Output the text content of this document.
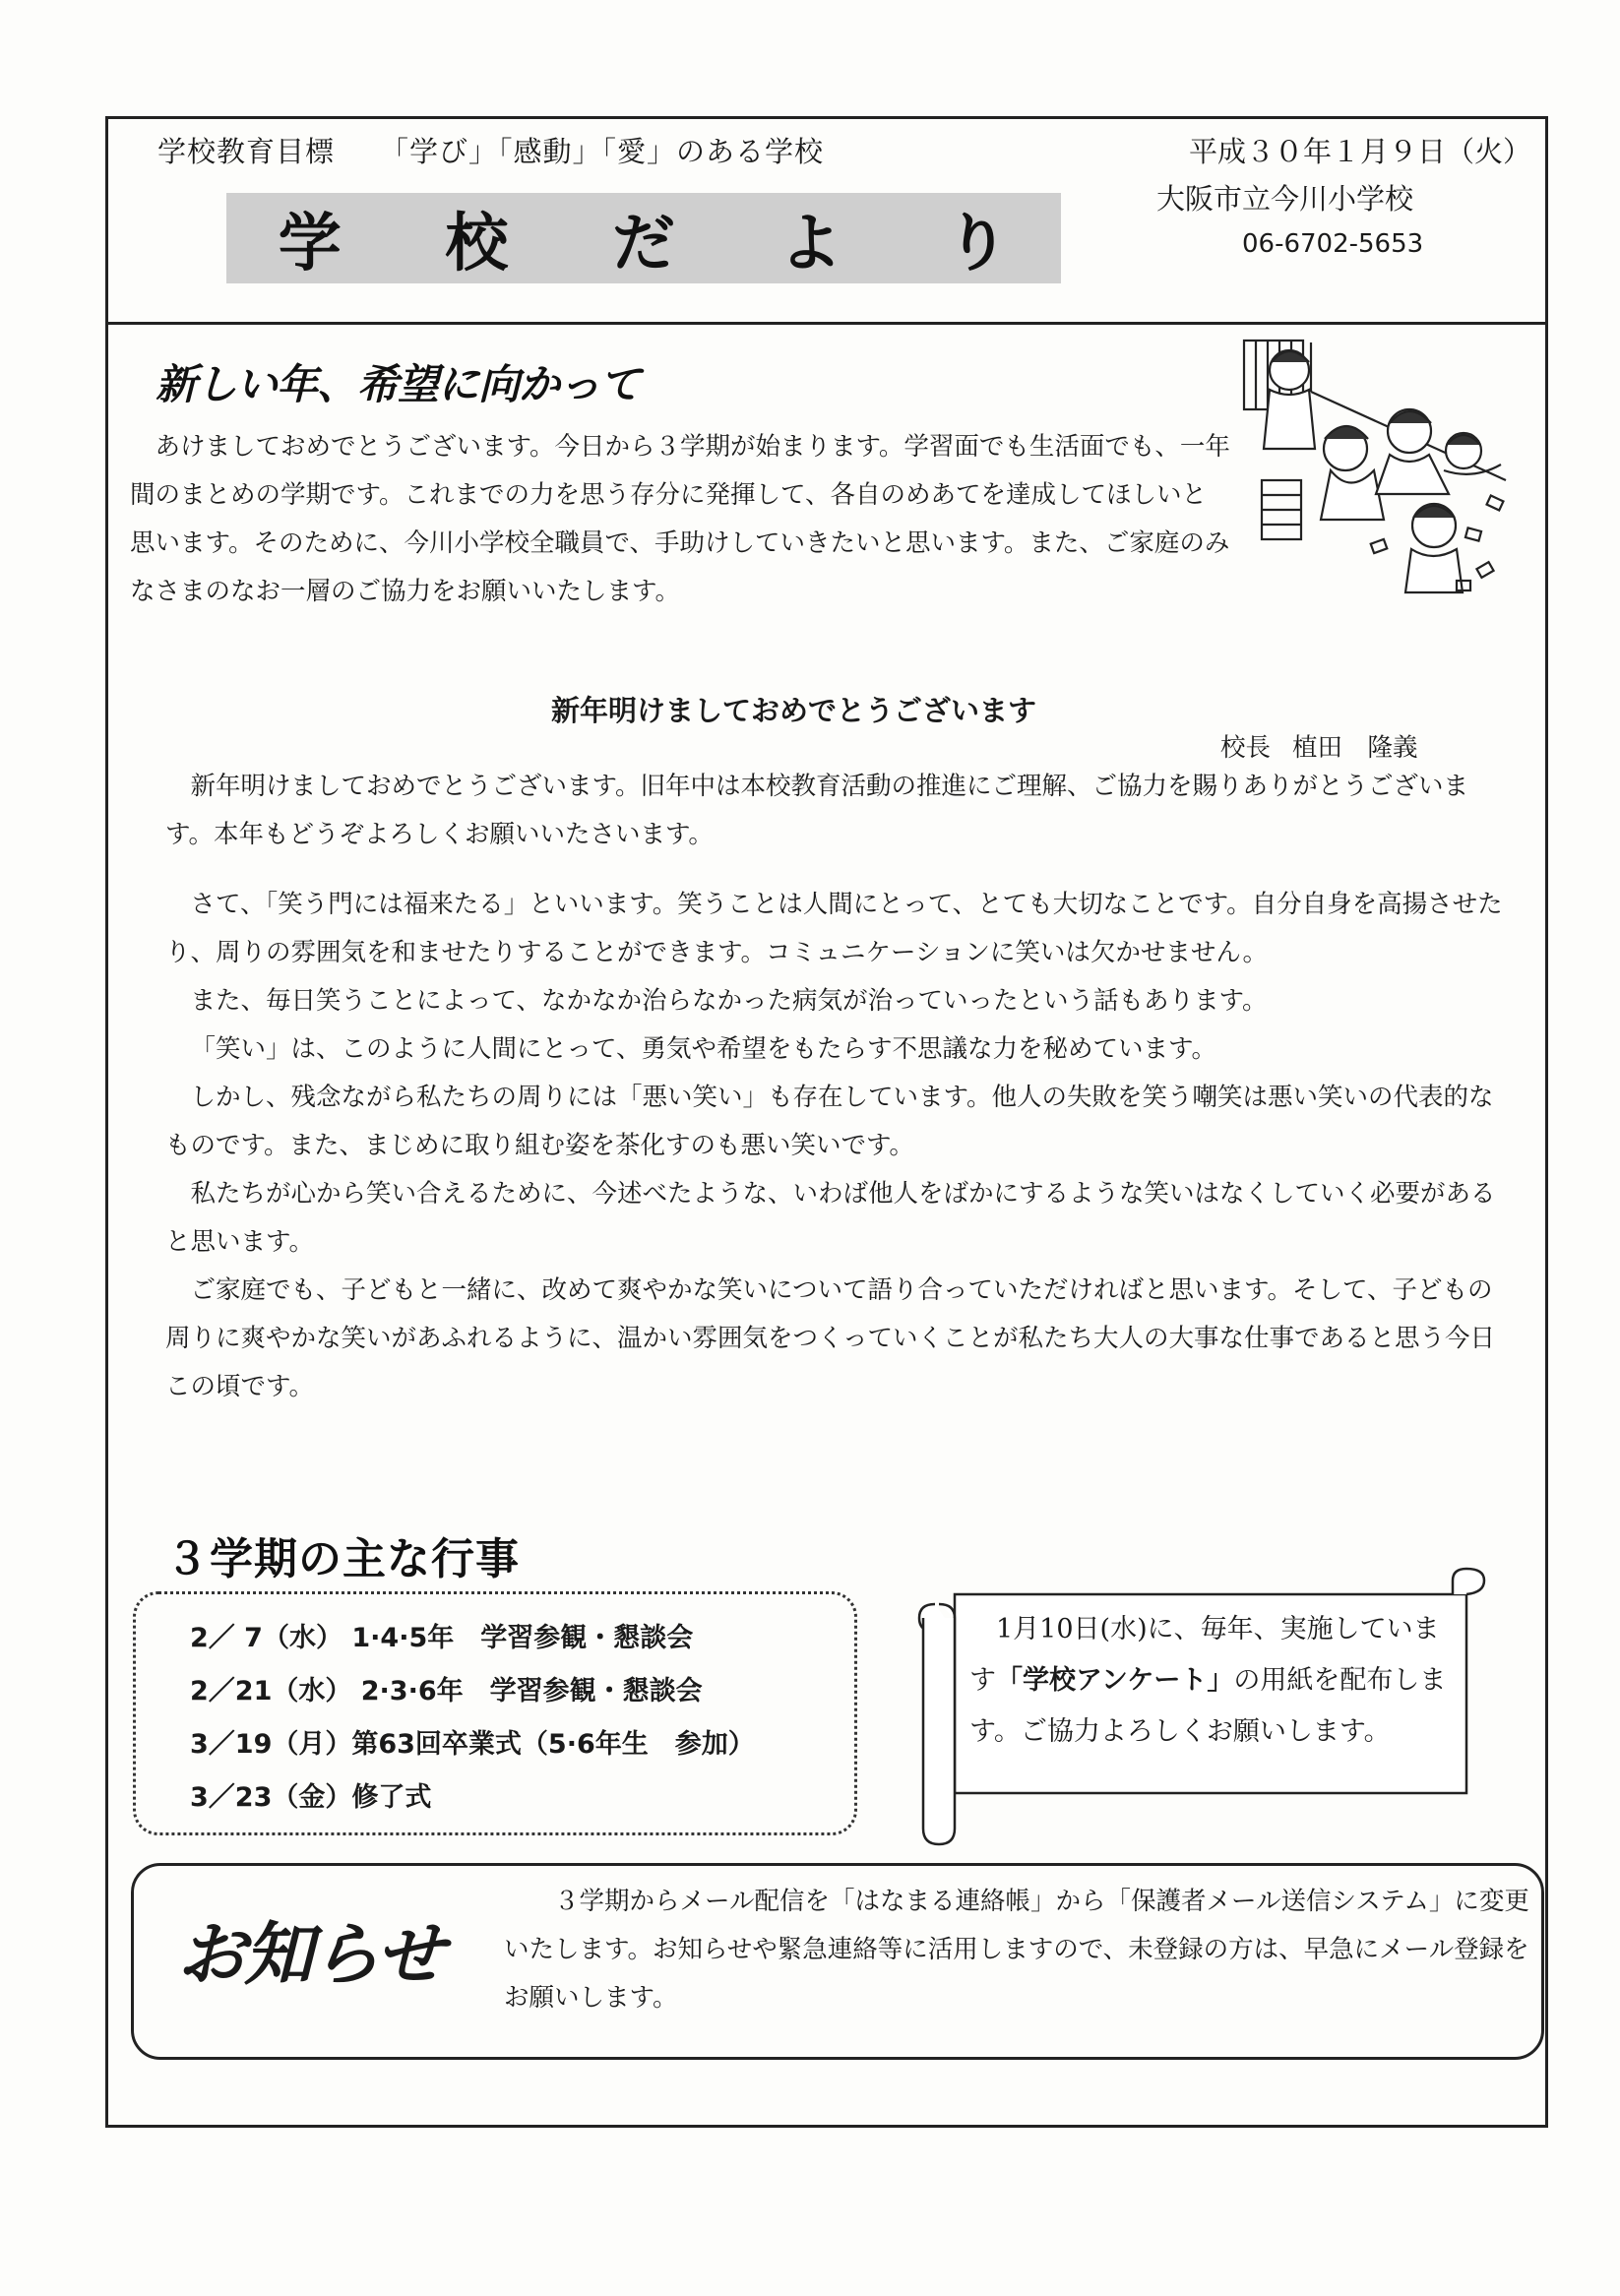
学校教育目標 「学び」「感動」「愛」のある学校	平成３０年１月９日（火）
大阪市立今川小学校
06-6702-5653
学 校 だ よ り
新しい年、希望に向かって

あけましておめでとうございます。今日から３学期が始まります。学習面でも生活面でも、一年間のまとめの学期です。これまでの力を思う存分に発揮して、各自のめあてを達成してほしいと思います。そのために、今川小学校全職員で、手助けしていきたいと思います。また、ご家庭のみなさまのなお一層のご協力をお願いいたします。

新年明けましておめでとうございます
校長 植田　隆義

新年明けましておめでとうございます。旧年中は本校教育活動の推進にご理解、ご協力を賜りありがとうございます。本年もどうぞよろしくお願いいたさいます。

さて、「笑う門には福来たる」といいます。笑うことは人間にとって、とても大切なことです。自分自身を高揚させたり、周りの雰囲気を和ませたりすることができます。コミュニケーションに笑いは欠かせません。

また、毎日笑うことによって、なかなか治らなかった病気が治っていったという話もあります。

「笑い」は、このように人間にとって、勇気や希望をもたらす不思議な力を秘めています。

しかし、残念ながら私たちの周りには「悪い笑い」も存在しています。他人の失敗を笑う嘲笑は悪い笑いの代表的なものです。また、まじめに取り組む姿を茶化すのも悪い笑いです。

私たちが心から笑い合えるために、今述べたような、いわば他人をばかにするような笑いはなくしていく必要があると思います。

ご家庭でも、子どもと一緒に、改めて爽やかな笑いについて語り合っていただければと思います。そして、子どもの周りに爽やかな笑いがあふれるように、温かい雰囲気をつくっていくことが私たち大人の大事な仕事であると思う今日この頃です。

３学期の主な行事
2／ 7（水） 1·4·5年　学習参観・懇談会
2／21（水） 2·3·6年　学習参観・懇談会
3／19（月）第63回卒業式（5·6年生　参加）
3／23（金）修了式

1月10日(水)に、毎年、実施しています「学校アンケート」の用紙を配布します。ご協力よろしくお願いします。

お知らせ

３学期からメール配信を「はなまる連絡帳」から「保護者メール送信システム」に変更いたします。お知らせや緊急連絡等に活用しますので、未登録の方は、早急にメール登録をお願いします。
